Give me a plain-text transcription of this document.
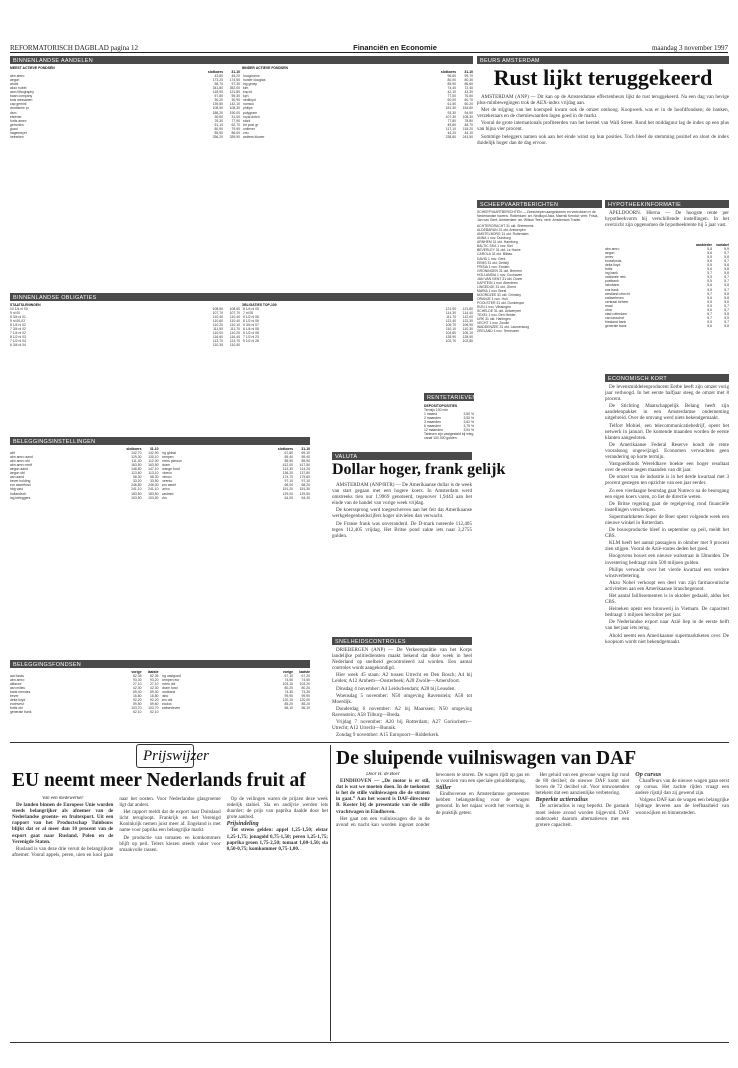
REFORMATORISCH DAGBLAD pagina 12	Financiën en Economie	maandag 3 november 1997
BINNENLANDSE AANDELEN
MEEST ACTIEVE FONDSEN	MINDER ACTIEVE FONDSEN
slotkoers	31-10
abn amro	43,80	45,20
aegon	173,20	174,50
ahold	58,70	57,30
akzo nobel	341,80	352,00
asm lithography	118,90	121,80
baan company	57,80	59,30
bols wessanen	30,20	30,90
cap gemini	139,80	142,10
dordtsche pr	108,50	108,30
dsm	188,20	190,00
elsevier	30,60	31,00
fortis amev	76,30	77,90
getronics	61,10	62,70
gucci	80,90	79,90
hagemeyer	85,50	86,00
heineken	336,20	339,90
slotkoers	31-10
hoogovens	96,60	99,70
hunter douglas	80,00	80,30
ing groep	85,90	86,60
klm	74,40	72,40
knp bt	42,10	43,30
kpn	77,00	76,50
nedlloyd	60,00	60,70
numico	61,50	60,20
philips	151,30	154,60
polygram	93,30	94,90
royal dutch	107,30	108,30
stork	77,80	78,80
tnt post gr	49,80	48,70
unilever	117,10	118,20
vnu	44,20	44,10
wolters kluwer	238,80	243,50
BINNENLANDSE OBLIGATIES
STAATSLENINGEN	OBLIGATIES TOP-100
10 1/4 nl 00	108,60	108,60
9 nl 00	107,70	107,70
8 3/4 nl 01	110,40	110,40
9 nl 00-02	110,60	110,40
8 1/4 nl 02	110,20	110,10
7 3/4 nl 02	111,50	111,70
7 1/4 nl 02	110,00	110,20
8 1/2 nl 03	116,60	116,40
7 1/2 nl 04	113,70	113,70
6 3/4 nl 04	110,30	110,40
8 1/4 nl 05	121,90	121,80
7 nl 05	114,30	114,40
6 1/2 nl 06	111,70	112,00
8 1/2 nl 06	122,40	122,30
5 3/4 nl 07	106,70	106,90
6 1/4 nl 08	110,10	110,30
5 1/2 nl 08	104,80	105,10
7 1/2 nl 23	128,90	128,90
5 1/2 nl 28	102,70	102,80
BELEGGINGSINSTELLINGEN
slotkoers	31-10
abf	142,70	142,90
abn amro aand	129,30	130,10
abn amro obl	111,40	112,00
abn amro rentf	163,50	163,50
aegon aand	146,60	147,10
aegon obl	113,60	113,10
asn aand	58,30	58,30
bever holding	33,20	33,50
eur assetfund	246,80	246,00
hbg vast	241,10	241,10
hollandsch	183,50	183,50
ing beleggers	103,50	103,50
slotkoers	31-10
ing global	67,80	69,10
kempen	59,40	59,40
mees pierson	85,90	85,90
obam	412,00	417,50
orange fund	113,30	114,20
robeco	136,20	137,80
rolinco	174,70	175,60
rorento	97,10	97,10
sns asset	68,00	68,20
unico	151,20	151,30
vastned	129,00	129,50
vhs	64,00	64,40
BELEGGINGSFONDSEN
vorige	laatste
aal-fonds	82,35	82,35
abn amro	93,30	93,20
alliance	27,10	27,10
asn milieu	42,30	42,30
bank mendes	69,40	69,40
bever	16,80	16,80
delta lloyd	92,20	92,20
eurinvest	59,50	59,60
fortis obl	103,70	103,70
generale bank	62,10	62,10
vorige	laatste
ing vastgoed	67,10	67,20
kempen eur	74,50	74,50
mees obl	103,10	103,20
obam fund	80,20	80,20
postbank	74,30	74,30
rabo	99,90	99,90
sns obl	120,10	120,00
triodos	85,20	85,20
zwitserleven	56,10	56,10
VALUTA
Dollar hoger, frank gelijk

AMSTERDAM (ANP/RTR) — De Amerikaanse dollar is de week van start gegaan met een hogere koers. In Amsterdam werd omstreeks tien uur 1,9969 genoteerd, tegenover 1,9443 aan het einde van de handel van vorige week vrijdag.

De koerssprong werd toegeschreven aan het feit dat Amerikaanse werkgelegenheidscijfers hoger uitvielen dan verwacht.

De Franse frank was onveranderd. De D-mark noteerde 112,405 tegen 112,405 vrijdag. Het Britse pond zakte iets naar 3,2755 gulden.

RENTETARIEVEN
DEPOSITOPOSITIES
Termijn 100 mln
1 maand	3,50 %
2 maanden	3,50 %
3 maanden	3,62 %
6 maanden	3,75 %
12 maanden	3,94 %
Tarieven zijn vastgesteld bij inleg vanaf 100.000 gulden.
SNELHEIDSCONTROLES

DRIEBERGEN (ANP) — De Verkeerspolitie van het Korps landelijke politiediensten maakt bekend dat deze week in heel Nederland op snelheid gecontroleerd zal worden. Een aantal controles wordt aangekondigd.

Hier week 45 staan: A2 tussen Utrecht en Den Bosch; A4 bij Leiden; A12 Arnhem—Oosterbeek; A28 Zwolle—Amersfoort.

Dinsdag 4 november: A4 Leidschendam; A28 bij Leusden.

Woensdag 5 november: N50 omgeving Ravenstein; A58 tot Moerdijk.

Donderdag 6 november: A2 bij Maarssen; N50 omgeving Ravenstein; A58 Tilburg—Breda.

Vrijdag 7 november: A20 bij Rotterdam; A27 Gorinchem—Utrecht; A12 Utrecht—Bunnik.

Zondag 9 november: A15 Europoort—Ridderkerk.

BEURS AMSTERDAM
Rust lijkt teruggekeerd

AMSTERDAM (ANP) — Dit kan op de Amsterdamse effectenbeurs lijkt de rust teruggekeerd. Na een dag van hevige plus-minbewegingen trok de AEX-index vrijdag aan.

Met de stijging van het koerspeil kwam ook de omzet omhoog. Koopwerk was er in de hoofdfondsen; de banken, verzekeraars en de chemiewaarden lagen goed in de markt.

Vooral de grote internationals profiteerden van het herstel van Wall Street. Rond het middaguur lag de index op een plus van bijna vier procent.

Sommige beleggers namen ook aan het einde winst op hun posities. Toch bleef de stemming positief en sloot de index duidelijk hoger dan de dag ervoor.

SCHEEPVAARTBERICHTEN
SCHEEPVAARTBERICHTEN — Zeeschepen aangekomen en vertrokken in de Nederlandse havens. Rotterdam: arr. Nedlloyd Asia, Maersk Kendal; vertr. Frisia, Jan van Gent. Amsterdam: arr. Wilson Tees; vertr. Amsterdam Trader.
ACHTERGRACHT 31 okt. Sheerness
ALDEBARAN 31 okt. Antwerpen
AMSTELBORG 31 okt. Rotterdam
ANNA 1 nov. Duisburg
ARNHEM 31 okt. Hamburg
BALTIC SEA 1 nov. Kiel
BEVERLEY 31 okt. Le Havre
CAROLA 31 okt. Bilbao
DAVID 1 nov. Gent
EEMS 31 okt. Delfzijl
FRISIA 1 nov. Emden
GRONINGEN 31 okt. Bremen
HOLLANDIA 1 nov. Cuxhaven
JAN VAN GENT 31 okt. Dover
KAPITEIN 1 nov. Aberdeen
LINGEDIJK 31 okt. Ghent
MARIA 1 nov. Brest
NOORDZEE 31 okt. Grimsby
ORANJE 1 nov. Hull
POOLSTER 31 okt. Dunkerque
RIJN 1 nov. Vlissingen
SCHELDE 31 okt. Antwerpen
TEXEL 1 nov. Den Helder
URK 31 okt. Harlingen
VECHT 1 nov. Zwolle
WADDENZEE 31 okt. Lauwersoog
ZEELAND 1 nov. Terneuzen
HYPOTHEEKINFORMATIE

APELDOORN. Hierna — De hoogste rente per hypotheekvorm bij verschillende instellingen. In het overzicht zijn opgenomen de hypotheekrente bij 5 jaar vast.

aanbieder	variabel
abn amro	5,8	5,9
aegon	5,6	5,7
amev	5,5	5,8
bouwfonds	5,6	5,7
delta lloyd	5,5	5,8
fortis	5,6	5,8
ing bank	5,7	5,8
nationale ned.	5,5	5,7
postbank	5,5	5,7
rabobank	5,6	5,8
sns bank	5,5	5,7
westland utrecht	5,7	5,8
zwitserleven	5,6	5,8
centraal beheer	5,5	5,6
reaal	5,5	5,7
ohra	5,6	5,7
stad rotterdam	5,7	5,8
van lanschot	5,7	5,9
friesland bank	5,5	5,7
generale bank	5,6	5,8
ECONOMISCH KORT

De levensmiddelenproducent Eerbe heeft zijn omzet vorig jaar verhoogd. In het eerste halfjaar steeg de omzet met 8 procent.

De Stichting Maatschappelijk Belang heeft zijn aandelenpakket in een Amsterdamse onderneming uitgebreid. Over de omvang werd niets bekendgemaakt.

Telfort Mobiel, een telecommunicatiebedrijf, opent het netwerk in januari. De komende maanden worden de eerste klanten aangesloten.

De Amerikaanse Federal Reserve houdt de rente vooralsnog ongewijzigd. Economen verwachten geen verandering op korte termijn.

Vastgoedfonds Wereldhave boekte een hoger resultaat over de eerste negen maanden van dit jaar.

De omzet van de industrie is in het derde kwartaal met 3 procent gestegen ten opzichte van een jaar eerder.

Zo een vierdaagse beursdag gaat Nutreco na de beursgang een eigen koers varen, zo liet de directie weten.

De Britse regering gaat de regelgeving rond financiële instellingen verscherpen.

Supermarktketen Super de Boer opent volgende week een nieuwe winkel in Rotterdam.

De bouwproductie bleef in september op peil, meldt het CBS.

KLM heeft het aantal passagiers in oktober met 9 procent zien stijgen. Vooral de Azië-routes deden het goed.

Hoogovens bouwt een nieuwe walsstraat in IJmuiden. De investering bedraagt ruim 500 miljoen gulden.

Philips verwacht over het vierde kwartaal een verdere winstverbetering.

Akzo Nobel verkoopt een deel van zijn farmaceutische activiteiten aan een Amerikaanse branchegenoot.

Het aantal faillissementen is in oktober gedaald, aldus het CBS.

Heineken opent een brouwerij in Vietnam. De capaciteit bedraagt 1 miljoen hectoliter per jaar.

De Nederlandse export naar Azië liep in de eerste helft van het jaar iets terug.

Ahold neemt een Amerikaanse supermarktketen over. De koopsom wordt niet bekendgemaakt.

Prijswijzer
EU neemt meer Nederlands fruit af
Van een medewerker

De landen binnen de Europese Unie worden steeds belangrijker als afnemer van de Nederlandse groente- en fruitexport. Uit een rapport van het Productschap Tuinbouw blijkt dat er al meer dan 10 procent van de export gaat naar Rusland, Polen en de Verenigde Staten.

Rusland is van deze drie veruit de belangrijkste afnemer. Vooral appels, peren, uien en kool gaan naar het oosten. Voor Nederlandse glasgroente ligt dat anders.

Het rapport meldt dat de export naar Duitsland licht terugloopt. Frankrijk en het Verenigd Koninkrijk nemen juist meer af. Engeland is met name voor paprika een belangrijke markt.

De productie van tomaten en komkommers blijft op peil. Telers kiezen steeds vaker voor smaakvolle rassen.

Op de veilingen waren de prijzen deze week redelijk stabiel. Sla en andijvie werden iets duurder; de prijs van paprika daalde door het grote aanbod.

Prijsindeling

Tot strens gelden: appel 1,25-1,50; elstar 1,25-1,75; jonagold 0,75-1,50; peren 1,25-1,75; paprika groen 1,75-2,50; tomaat 1,00-1,50; sla 0,50-0,75; komkommer 0,75-1,00.

De sluipende vuilniswagen van DAF
Door H. de Boer

EINDHOVEN — „De motor is er stil, dat is wat we moeten doen. In de toekomst is het de stille vuilniswagen die de straten in gaat.” Aan het woord is DAF-directeur B. Koster bij de presentatie van de stille vrachtwagen in Eindhoven.

Het gaat om een vuilniswagen die in de avond en nacht kan worden ingezet zonder bewoners te storen. De wagen rijdt op gas en is voorzien van een speciale geluiddemping.

Stiller

Eindhovense en Amsterdamse gemeenten hebben belangstelling voor de wagen getoond. In het najaar wordt het voertuig in de praktijk getest.

Het geluid van een gewone wagen ligt rond de 80 decibel; de nieuwe DAF komt niet boven de 72 decibel uit. Voor omwonenden betekent dat een aanzienlijke verbetering.

Beperkte actieradius

De actieradius is nog beperkt. De gastank moet iedere avond worden bijgevuld. DAF onderzoekt daarom alternatieven met een grotere capaciteit.

Op cursus

Chauffeurs van de nieuwe wagen gaan eerst op cursus. Het zachte rijden vraagt een andere rijstijl dan zij gewend zijn.

Volgens DAF kan de wagen een belangrijke bijdrage leveren aan de leefbaarheid van woonwijken en binnensteden.
